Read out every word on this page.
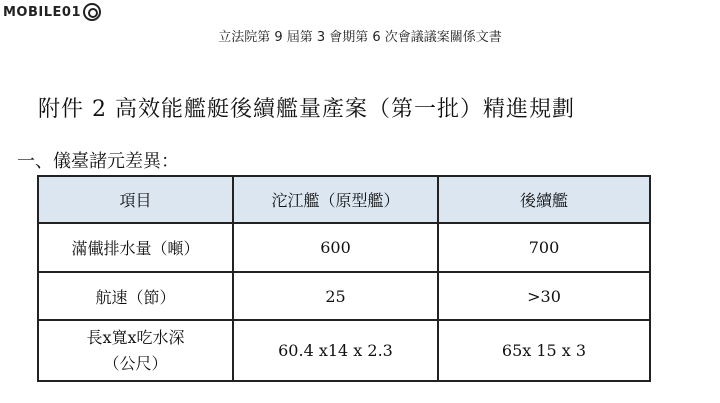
MOBILE01
立法院第 9 屆第 3 會期第 6 次會議議案關係文書
附件 2 高效能艦艇後續艦量產案（第一批）精進規劃
一、儀臺諸元差異：
項目	沱江艦（原型艦）	後續艦
滿儎排水量（噸）	600	700
航速（節）	25	>30

長x寬x吃水深
（公尺）	60.4 x14 x 2.3	65x 15 x 3
